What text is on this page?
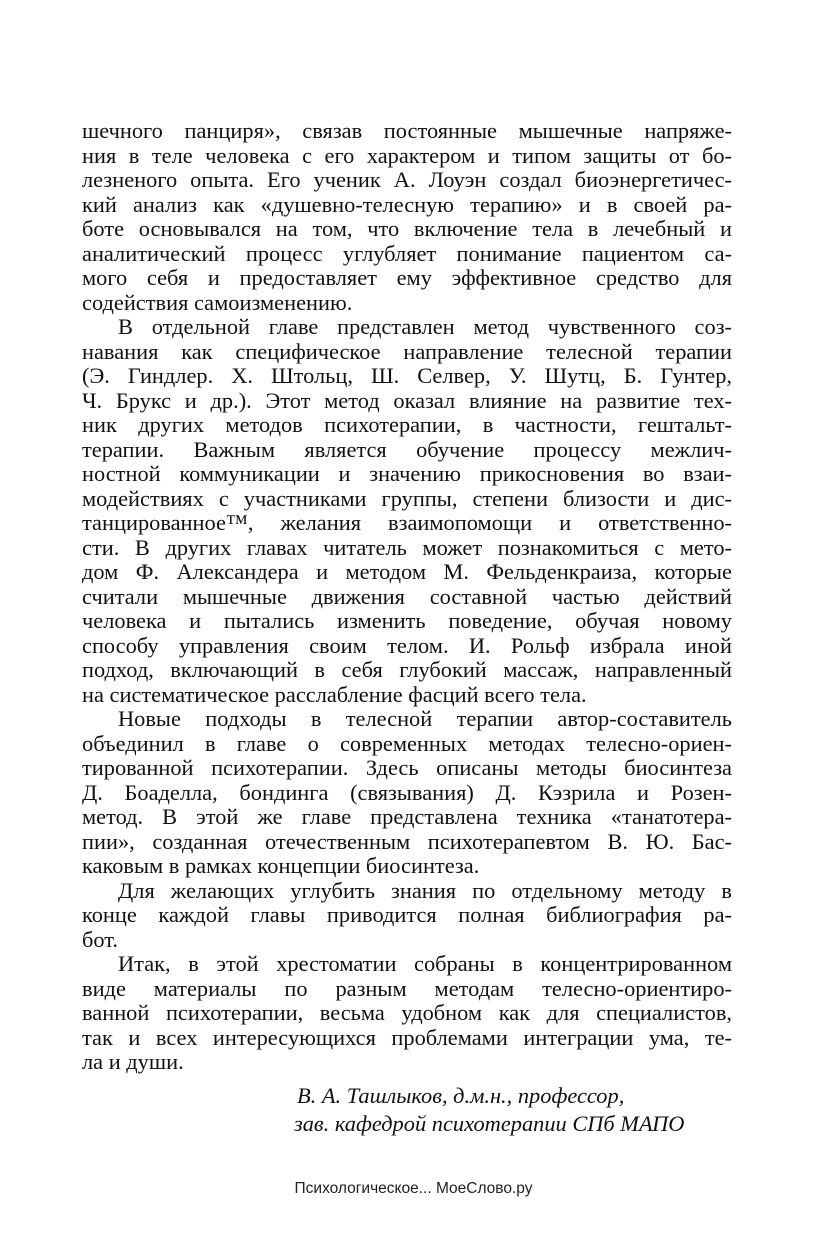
шечного панциря», связав постоянные мышечные напряже-
ния в теле человека с его характером и типом защиты от бо-
лезненого опыта. Его ученик А. Лоуэн создал биоэнергетичес-
кий анализ как «душевно-телесную терапию» и в своей ра-
боте основывался на том, что включение тела в лечебный и
аналитический процесс углубляет понимание пациентом са-
мого себя и предоставляет ему эффективное средство для
содействия самоизменению.
В отдельной главе представлен метод чувственного соз-
навания как специфическое направление телесной терапии
(Э. Гиндлер. Х. Штольц, Ш. Селвер, У. Шутц, Б. Гунтер,
Ч. Брукс и др.). Этот метод оказал влияние на развитие тех-
ник других методов психотерапии, в частности, гештальт-
терапии. Важным является обучение процессу межлич-
ностной коммуникации и значению прикосновения во взаи-
модействиях с участниками группы, степени близости и дис-
танцированное™, желания взаимопомощи и ответственно-
сти. В других главах читатель может познакомиться с мето-
дом Ф. Александера и методом М. Фельденкраиза, которые
считали мышечные движения составной частью действий
человека и пытались изменить поведение, обучая новому
способу управления своим телом. И. Рольф избрала иной
подход, включающий в себя глубокий массаж, направленный
на систематическое расслабление фасций всего тела.
Новые подходы в телесной терапии автор-составитель
объединил в главе о современных методах телесно-ориен-
тированной психотерапии. Здесь описаны методы биосинтеза
Д. Боаделла, бондинга (связывания) Д. Кэзрила и Розен-
метод. В этой же главе представлена техника «танатотера-
пии», созданная отечественным психотерапевтом В. Ю. Бас-
каковым в рамках концепции биосинтеза.
Для желающих углубить знания по отдельному методу в
конце каждой главы приводится полная библиография ра-
бот.
Итак, в этой хрестоматии собраны в концентрированном
виде материалы по разным методам телесно-ориентиро-
ванной психотерапии, весьма удобном как для специалистов,
так и всех интересующихся проблемами интеграции ума, те-
ла и души.
В. А. Ташлыков, д.м.н., профессор,
зав. кафедрой психотерапии СПб МАПО
Психологическое... МоеСлово.ру
